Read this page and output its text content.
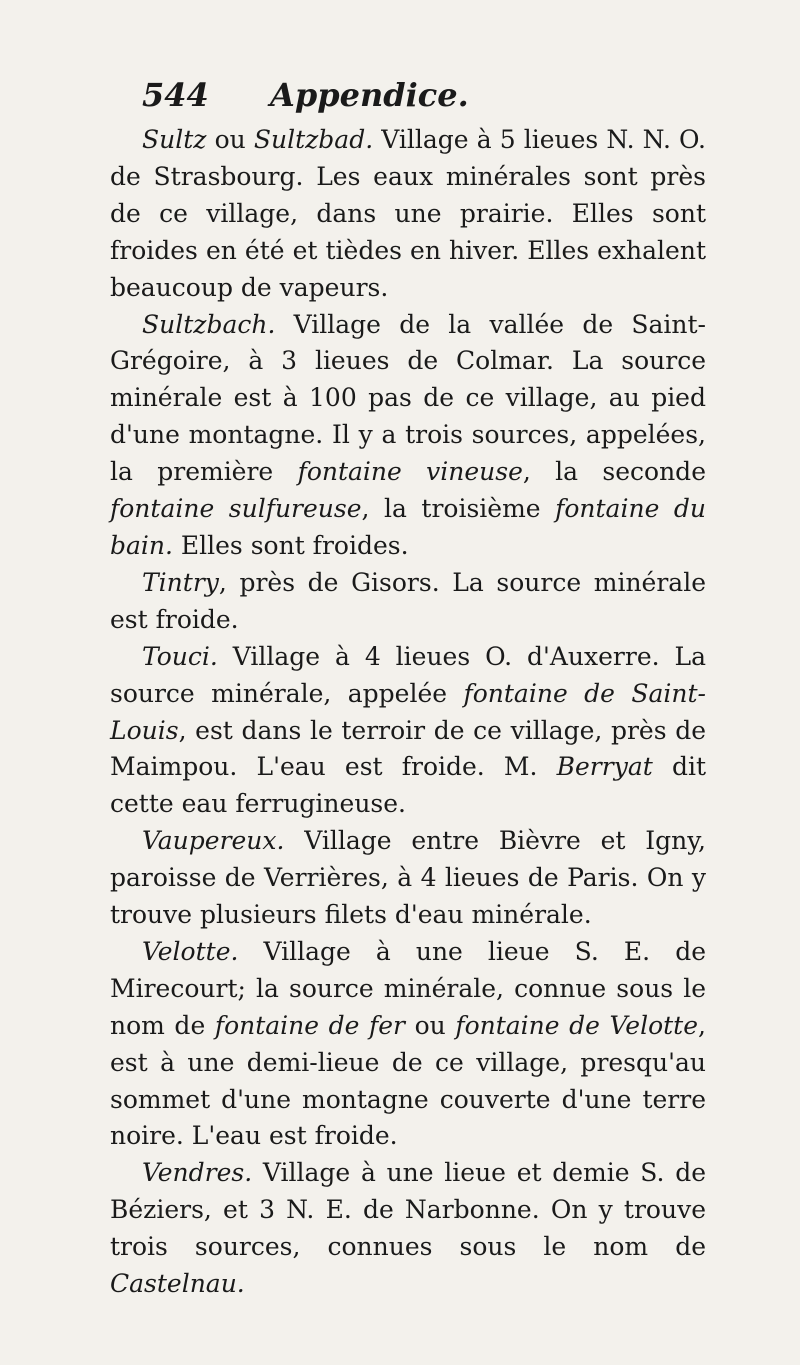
544 Appendice.

Sultz ou Sultzbad. Village à 5 lieues N. N. O. de Strasbourg. Les eaux minérales sont près de ce village, dans une prairie. Elles sont froides en été et tièdes en hiver. Elles exhalent beaucoup de vapeurs.

Sultzbach. Village de la vallée de Saint-Grégoire, à 3 lieues de Colmar. La source minérale est à 100 pas de ce village, au pied d'une montagne. Il y a trois sources, appelées, la première fontaine vineuse, la seconde fontaine sulfureuse, la troisième fontaine du bain. Elles sont froides.

Tintry, près de Gisors. La source minérale est froide.

Touci. Village à 4 lieues O. d'Auxerre. La source minérale, appelée fontaine de Saint-Louis, est dans le terroir de ce village, près de Maimpou. L'eau est froide. M. Berryat dit cette eau ferrugineuse.

Vaupereux. Village entre Bièvre et Igny, paroisse de Verrières, à 4 lieues de Paris. On y trouve plusieurs filets d'eau minérale.

Velotte. Village à une lieue S. E. de Mirecourt; la source minérale, connue sous le nom de fontaine de fer ou fontaine de Velotte, est à une demi-lieue de ce village, presqu'au sommet d'une montagne couverte d'une terre noire. L'eau est froide.

Vendres. Village à une lieue et demie S. de Béziers, et 3 N. E. de Narbonne. On y trouve trois sources, connues sous le nom de Castelnau.
